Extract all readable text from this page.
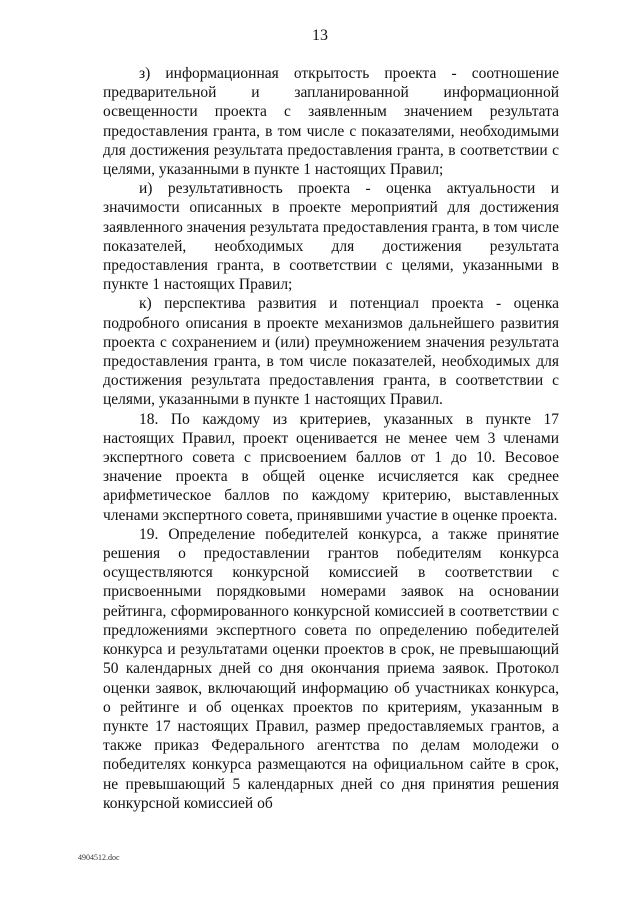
13

з) информационная открытость проекта - соотношение предварительной и запланированной информационной освещенности проекта с заявленным значением результата предоставления гранта, в том числе с показателями, необходимыми для достижения результата предоставления гранта, в соответствии с целями, указанными в пункте 1 настоящих Правил;

и) результативность проекта - оценка актуальности и значимости описанных в проекте мероприятий для достижения заявленного значения результата предоставления гранта, в том числе показателей, необходимых для достижения результата предоставления гранта, в соответствии с целями, указанными в пункте 1 настоящих Правил;

к) перспектива развития и потенциал проекта - оценка подробного описания в проекте механизмов дальнейшего развития проекта с сохранением и (или) преумножением значения результата предоставления гранта, в том числе показателей, необходимых для достижения результата предоставления гранта, в соответствии с целями, указанными в пункте 1 настоящих Правил.

18. По каждому из критериев, указанных в пункте 17 настоящих Правил, проект оценивается не менее чем 3 членами экспертного совета с присвоением баллов от 1 до 10. Весовое значение проекта в общей оценке исчисляется как среднее арифметическое баллов по каждому критерию, выставленных членами экспертного совета, принявшими участие в оценке проекта.

19. Определение победителей конкурса, а также принятие решения о предоставлении грантов победителям конкурса осуществляются конкурсной комиссией в соответствии с присвоенными порядковыми номерами заявок на основании рейтинга, сформированного конкурсной комиссией в соответствии с предложениями экспертного совета по определению победителей конкурса и результатами оценки проектов в срок, не превышающий 50 календарных дней со дня окончания приема заявок. Протокол оценки заявок, включающий информацию об участниках конкурса, о рейтинге и об оценках проектов по критериям, указанным в пункте 17 настоящих Правил, размер предоставляемых грантов, а также приказ Федерального агентства по делам молодежи о победителях конкурса размещаются на официальном сайте в срок, не превышающий 5 календарных дней со дня принятия решения конкурсной комиссией об

4904512.doc
